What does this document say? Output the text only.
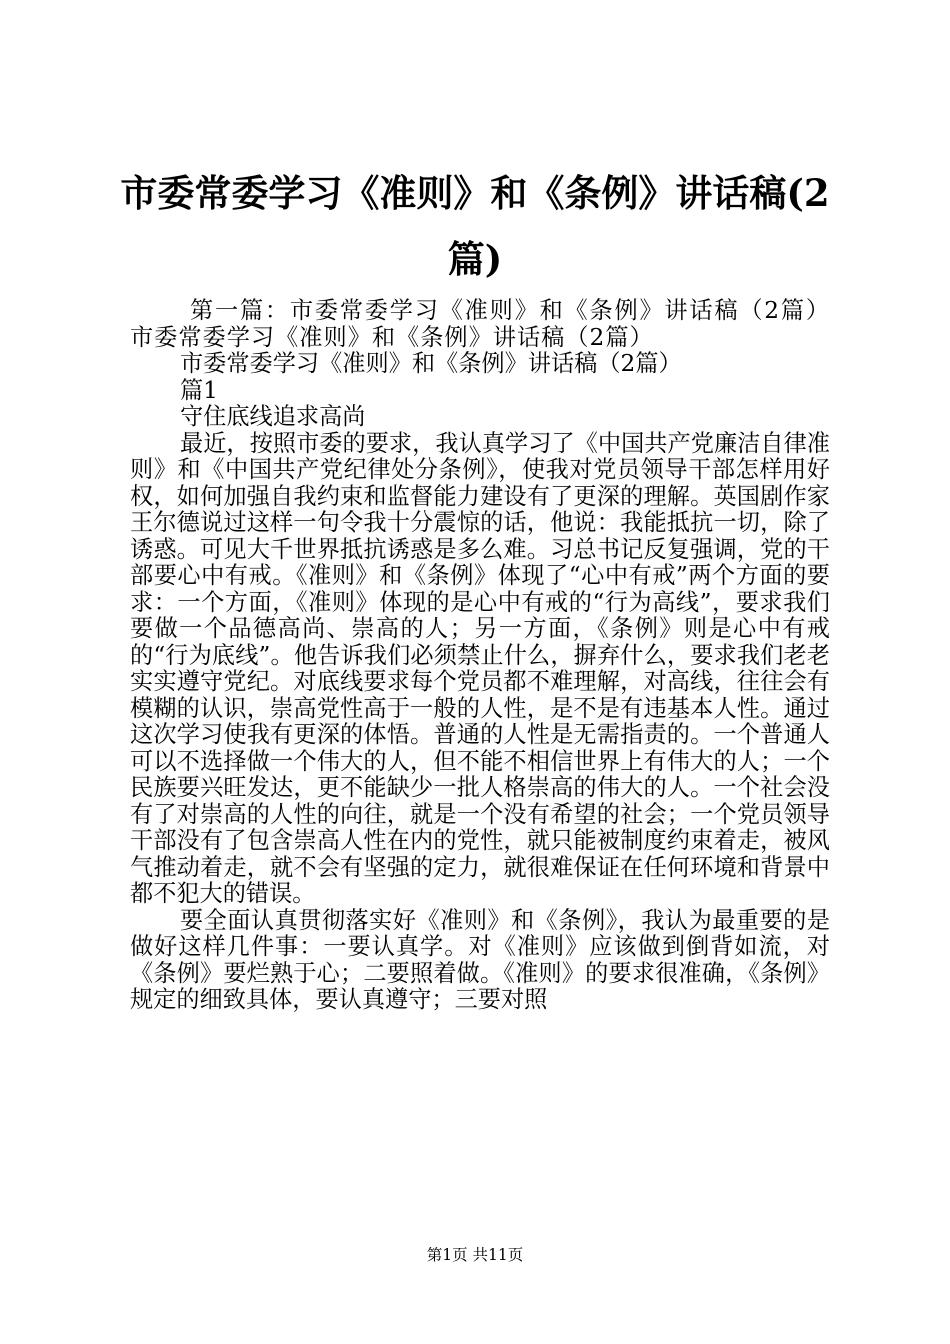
市委常委学习《准则》和《条例》讲话稿(2篇)

第一篇：市委常委学习《准则》和《条例》讲话稿（2篇）市委常委学习《准则》和《条例》讲话稿（2篇）

市委常委学习《准则》和《条例》讲话稿（2篇）

篇1

守住底线追求高尚

最近，按照市委的要求，我认真学习了《中国共产党廉洁自律准则》和《中国共产党纪律处分条例》，使我对党员领导干部怎样用好权，如何加强自我约束和监督能力建设有了更深的理解。英国剧作家王尔德说过这样一句令我十分震惊的话，他说：我能抵抗一切，除了诱惑。可见大千世界抵抗诱惑是多么难。习总书记反复强调，党的干部要心中有戒。《准则》和《条例》体现了“心中有戒”两个方面的要求：一个方面，《准则》体现的是心中有戒的“行为高线”，要求我们要做一个品德高尚、崇高的人；另一方面，《条例》则是心中有戒的“行为底线”。他告诉我们必须禁止什么，摒弃什么，要求我们老老实实遵守党纪。对底线要求每个党员都不难理解，对高线，往往会有模糊的认识，崇高党性高于一般的人性，是不是有违基本人性。通过这次学习使我有更深的体悟。普通的人性是无需指责的。一个普通人可以不选择做一个伟大的人，但不能不相信世界上有伟大的人；一个民族要兴旺发达，更不能缺少一批人格崇高的伟大的人。一个社会没有了对崇高的人性的向往，就是一个没有希望的社会；一个党员领导干部没有了包含崇高人性在内的党性，就只能被制度约束着走，被风气推动着走，就不会有坚强的定力，就很难保证在任何环境和背景中都不犯大的错误。

要全面认真贯彻落实好《准则》和《条例》，我认为最重要的是做好这样几件事：一要认真学。对《准则》应该做到倒背如流，对《条例》要烂熟于心；二要照着做。《准则》的要求很准确，《条例》规定的细致具体，要认真遵守；三要对照

第1页 共11页
